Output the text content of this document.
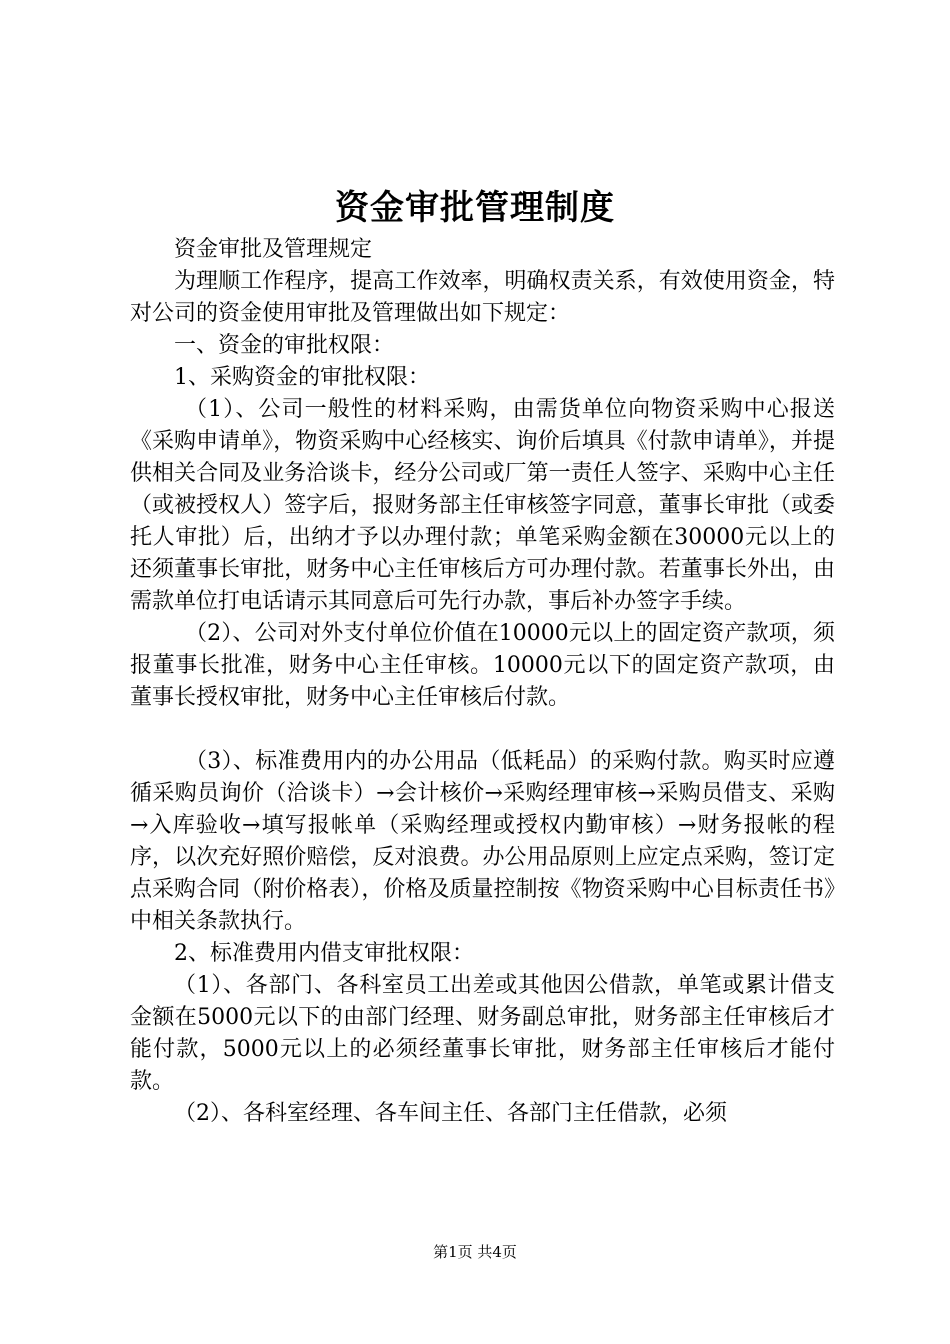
资金审批管理制度

资金审批及管理规定

为理顺工作程序，提高工作效率，明确权责关系，有效使用资金，特对公司的资金使用审批及管理做出如下规定：

一、资金的审批权限：

1、采购资金的审批权限：

（1）、公司一般性的材料采购，由需货单位向物资采购中心报送《采购申请单》，物资采购中心经核实、询价后填具《付款申请单》，并提供相关合同及业务洽谈卡，经分公司或厂第一责任人签字、采购中心主任（或被授权人）签字后，报财务部主任审核签字同意，董事长审批（或委托人审批）后，出纳才予以办理付款；单笔采购金额在30000元以上的还须董事长审批，财务中心主任审核后方可办理付款。若董事长外出，由需款单位打电话请示其同意后可先行办款，事后补办签字手续。

（2）、公司对外支付单位价值在10000元以上的固定资产款项，须报董事长批准，财务中心主任审核。10000元以下的固定资产款项，由董事长授权审批，财务中心主任审核后付款。

（3）、标准费用内的办公用品（低耗品）的采购付款。购买时应遵循采购员询价（洽谈卡）→会计核价→采购经理审核→采购员借支、采购→入库验收→填写报帐单（采购经理或授权内勤审核）→财务报帐的程序，以次充好照价赔偿，反对浪费。办公用品原则上应定点采购，签订定点采购合同（附价格表），价格及质量控制按《物资采购中心目标责任书》中相关条款执行。

2、标准费用内借支审批权限：

（1）、各部门、各科室员工出差或其他因公借款，单笔或累计借支金额在5000元以下的由部门经理、财务副总审批，财务部主任审核后才能付款，5000元以上的必须经董事长审批，财务部主任审核后才能付款。

（2）、各科室经理、各车间主任、各部门主任借款，必须

第1页 共4页
